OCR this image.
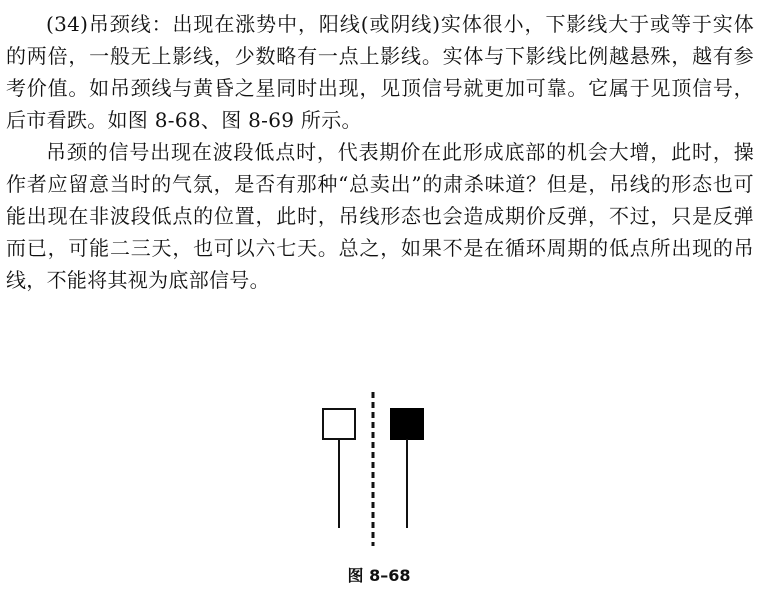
(34)吊颈线：出现在涨势中，阳线(或阴线)实体很小，下影线大于或等于实体的两倍，一般无上影线，少数略有一点上影线。实体与下影线比例越悬殊，越有参考价值。如吊颈线与黄昏之星同时出现，见顶信号就更加可靠。它属于见顶信号，后市看跌。如图 8-68、图 8-69 所示。

吊颈的信号出现在波段低点时，代表期价在此形成底部的机会大增，此时，操作者应留意当时的气氛，是否有那种“总卖出”的肃杀味道？但是，吊线的形态也可能出现在非波段低点的位置，此时，吊线形态也会造成期价反弹，不过，只是反弹而已，可能二三天，也可以六七天。总之，如果不是在循环周期的低点所出现的吊线，不能将其视为底部信号。

图 8–68
